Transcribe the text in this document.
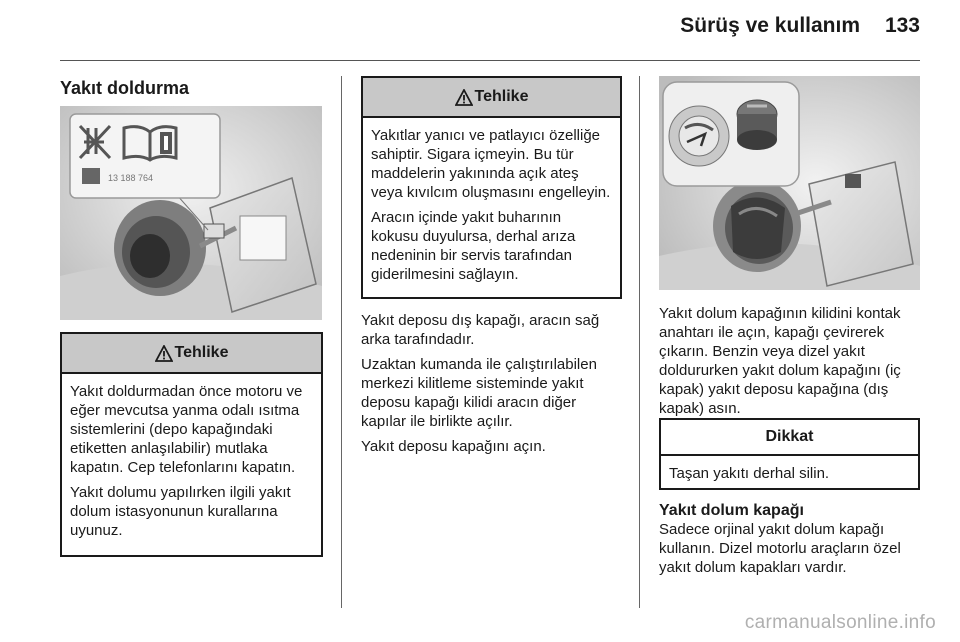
Sürüş ve kullanım	133
Yakıt doldurma
13 188 764
Tehlike

Yakıt doldurmadan önce motoru ve eğer mevcutsa yanma odalı ısıtma sistemlerini (depo kapağındaki etiketten anlaşılabilir) mutlaka kapatın. Cep telefonlarını kapatın.

Yakıt dolumu yapılırken ilgili yakıt dolum istasyonunun kurallarına uyunuz.

Tehlike

Yakıtlar yanıcı ve patlayıcı özelliğe sahiptir. Sigara içmeyin. Bu tür maddelerin yakınında açık ateş veya kıvılcım oluşmasını engelleyin.

Aracın içinde yakıt buharının kokusu duyulursa, derhal arıza nedeninin bir servis tarafından giderilmesini sağlayın.

Yakıt deposu dış kapağı, aracın sağ arka tarafındadır.

Uzaktan kumanda ile çalıştırılabilen merkezi kilitleme sisteminde yakıt deposu kapağı kilidi aracın diğer kapılar ile birlikte açılır.

Yakıt deposu kapağını açın.

Yakıt dolum kapağının kilidini kontak anahtarı ile açın, kapağı çevirerek çıkarın. Benzin veya dizel yakıt doldururken yakıt dolum kapağını (iç kapak) yakıt deposu kapağına (dış kapak) asın.

Dikkat

Taşan yakıtı derhal silin.

Yakıt dolum kapağı
Sadece orjinal yakıt dolum kapağı kullanın. Dizel motorlu araçların özel yakıt dolum kapakları vardır.
carmanualsonline.info
